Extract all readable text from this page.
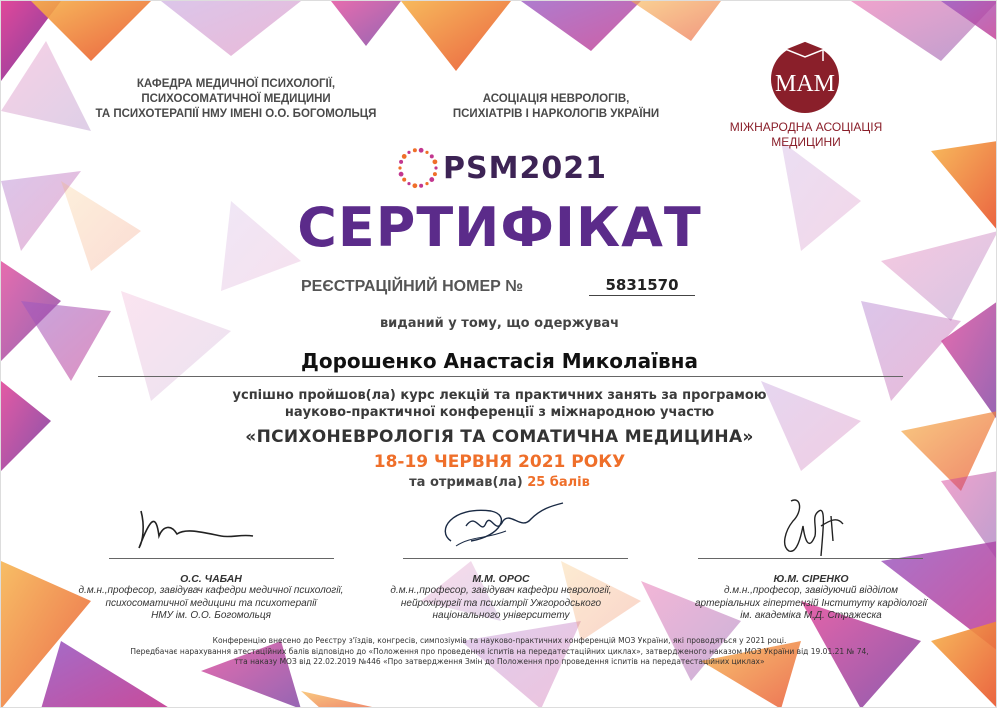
КАФЕДРА МЕДИЧНОЇ ПСИХОЛОГІЇ,
ПСИХОСОМАТИЧНОЇ МЕДИЦИНИ
ТА ПСИХОТЕРАПІЇ НМУ ІМЕНІ О.О. БОГОМОЛЬЦЯ
АСОЦІАЦІЯ НЕВРОЛОГІВ,
ПСИХІАТРІВ І НАРКОЛОГІВ УКРАЇНИ
МАМ
МІЖНАРОДНА АСОЦІАЦІЯ
МЕДИЦИНИ
PSM2021
СЕРТИФІКАТ
РЕЄСТРАЦІЙНИЙ НОМЕР №	5831570
виданий у тому, що одержувач
Дорошенко Анастасія Миколаївна
успішно пройшов(ла) курс лекцій та практичних занять за програмою
науково-практичної конференції з міжнародною участю
«ПСИХОНЕВРОЛОГІЯ ТА СОМАТИЧНА МЕДИЦИНА»
18-19 ЧЕРВНЯ 2021 РОКУ
та отримав(ла) 25 балів
О.С. ЧАБАН
д.м.н.,професор, завідувач кафедри медичної психології,
психосоматичної медицини та психотерапії
НМУ ім. О.О. Богомольця
М.М. ОРОС
д.м.н.,професор, завідувач кафедри неврології,
нейрохірургії та психіатрії Ужгородського
національного університету
Ю.М. СІРЕНКО
д.м.н.,професор, завідуючий відділом
артеріальних гіпертензій Інституту кардіології
ім. академіка М.Д. Стражеска
Конференцію внесено до Реєстру з'їздів, конгресів, симпозіумів та науково-практичних конференцій МОЗ України, які проводяться у 2021 році.
Передбачає нарахування атестаційних балів відповідно до «Положення про проведення іспитів на передатестаційних циклах», затвердженого наказом МОЗ України від 19.01.21 № 74,
тта наказу МОЗ від 22.02.2019 №446 «Про затвердження Змін до Положення про проведення іспитів на передатестаційних циклах»
